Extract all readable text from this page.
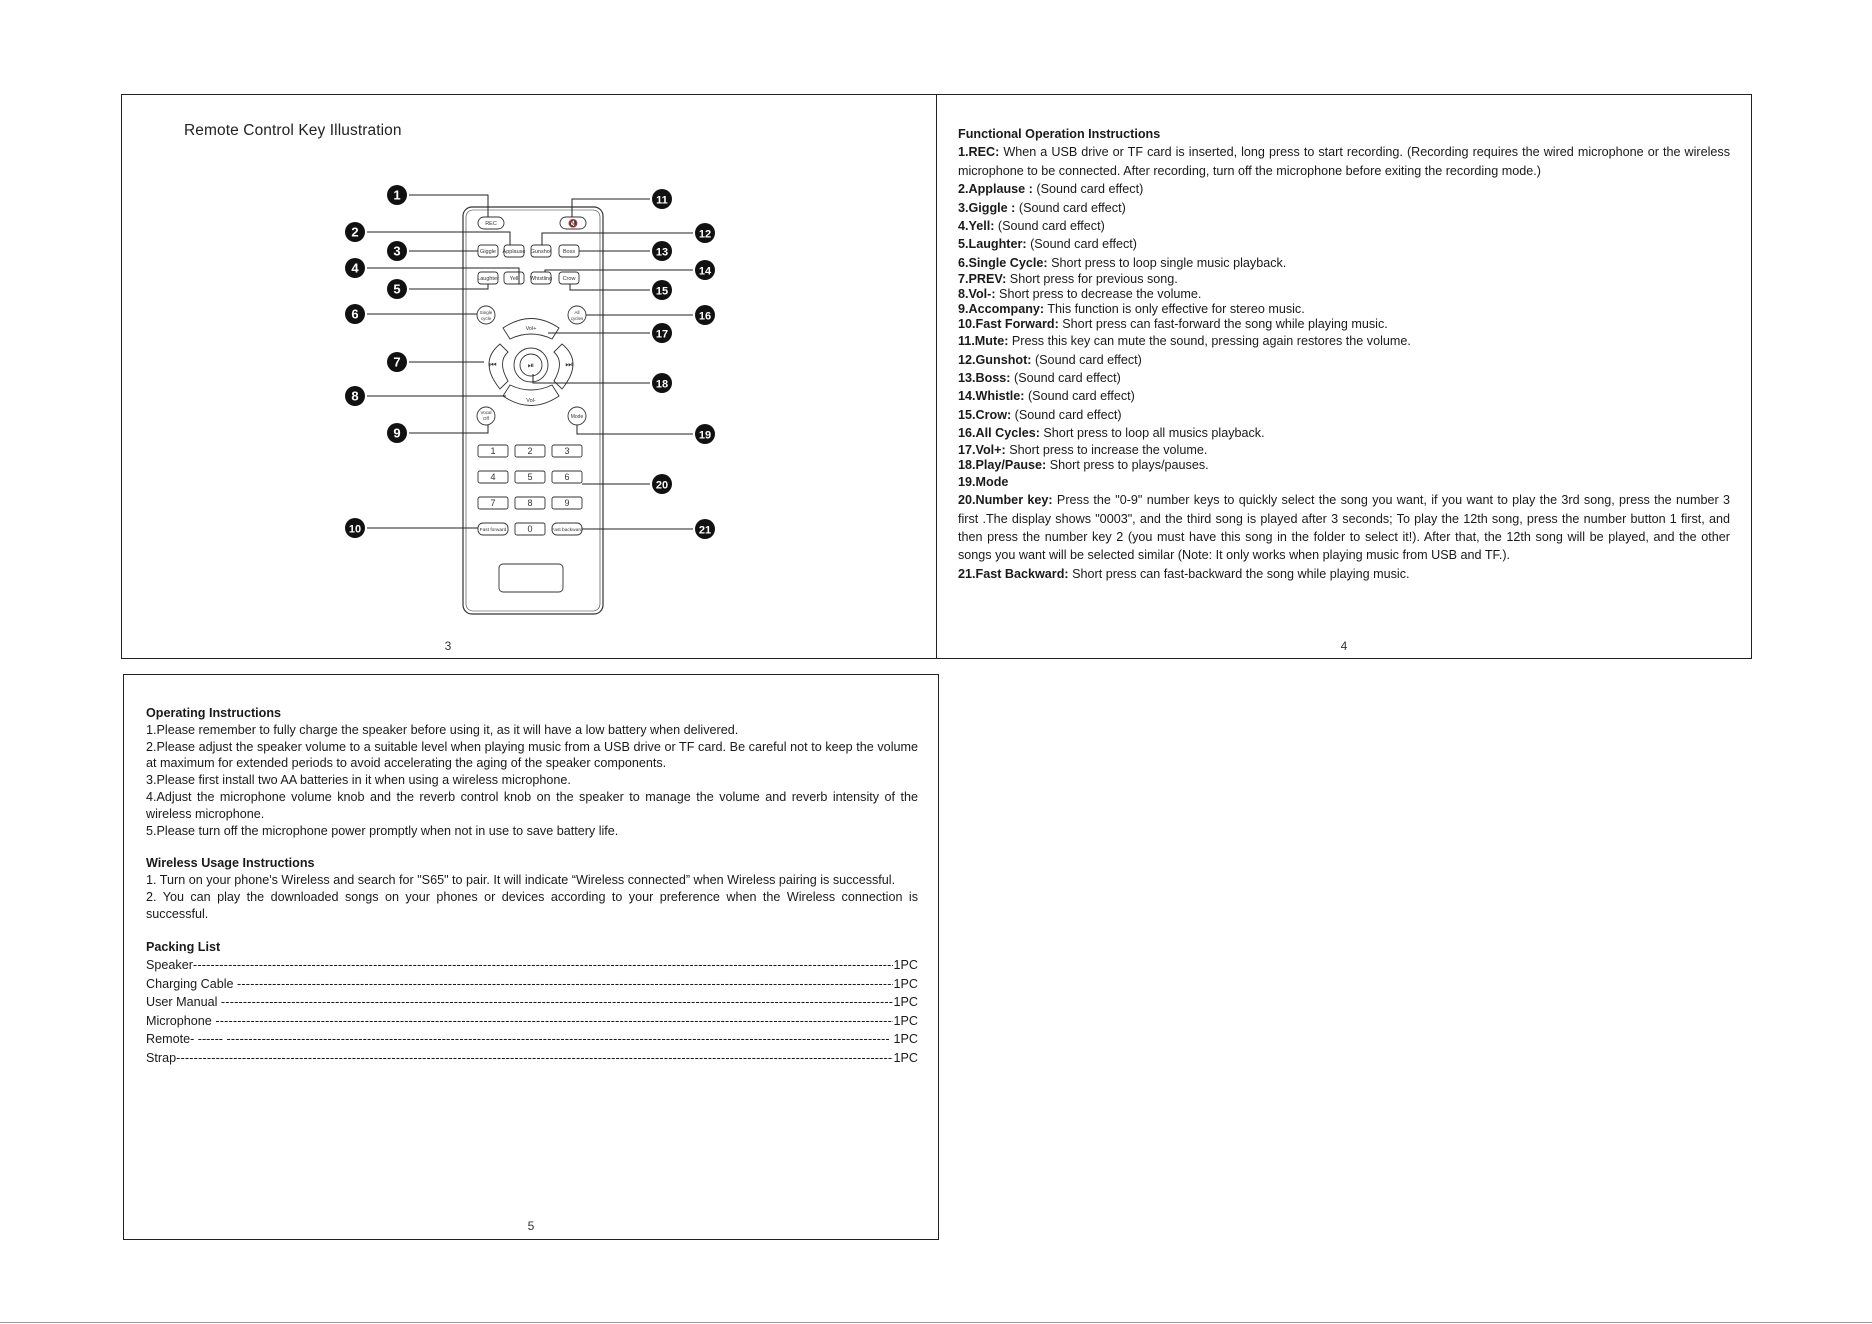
Remote Control Key Illustration
REC	🔇
Giggle Applause Gunshot Boss
Laughter Yell Whistling Crow
Single
cycle
All
cycles
Vol+
Vol-
⏮	⏭
⏯
Vocal
Off	Mode
1	2	3
4	5	6
7	8	9
Fast forward 0	Fast backward
1
2
3
4
5
6
7
8
9
10
11
12
13
14
15
16
17
18
19
20
21
3
Functional Operation Instructions
1.REC: When a USB drive or TF card is inserted, long press to start recording. (Recording requires the wired microphone or the wireless microphone to be connected. After recording, turn off the microphone before exiting the recording mode.)
2.Applause : (Sound card effect)
3.Giggle : (Sound card effect)
4.Yell: (Sound card effect)
5.Laughter: (Sound card effect)
6.Single Cycle: Short press to loop single music playback.
7.PREV: Short press for previous song.
8.Vol-: Short press to decrease the volume.
9.Accompany: This function is only effective for stereo music.
10.Fast Forward: Short press can fast-forward the song while playing music.
11.Mute: Press this key can mute the sound, pressing again restores the volume.
12.Gunshot: (Sound card effect)
13.Boss: (Sound card effect)
14.Whistle: (Sound card effect)
15.Crow: (Sound card effect)
16.All Cycles: Short press to loop all musics playback.
17.Vol+: Short press to increase the volume.
18.Play/Pause: Short press to plays/pauses.
19.Mode
20.Number key: Press the "0-9" number keys to quickly select the song you want, if you want to play the 3rd song, press the number 3 first .The display shows "0003", and the third song is played after 3 seconds; To play the 12th song, press the number button 1 first, and then press the number key 2 (you must have this song in the folder to select it!). After that, the 12th song will be played, and the other songs you want will be selected similar (Note: It only works when playing music from USB and TF.).
21.Fast Backward: Short press can fast-backward the song while playing music.
4
Operating Instructions
1.Please remember to fully charge the speaker before using it, as it will have a low battery when delivered.
2.Please adjust the speaker volume to a suitable level when playing music from a USB drive or TF card. Be careful not to keep the volume at maximum for extended periods to avoid accelerating the aging of the speaker components.
3.Please first install two AA batteries in it when using a wireless microphone.
4.Adjust the microphone volume knob and the reverb control knob on the speaker to manage the volume and reverb intensity of the wireless microphone.
5.Please turn off the microphone power promptly when not in use to save battery life.
Wireless Usage Instructions
1. Turn on your phone's Wireless and search for "S65" to pair. It will indicate “Wireless connected” when Wireless pairing is successful.
2. You can play the downloaded songs on your phones or devices according to your preference when the Wireless connection is successful.
Packing List
Speaker -----	1PC
Charging Cable -----	1PC
User Manual -----	1PC
Microphone -----	1PC
Remote- ------ -----	1PC
Strap -----	1PC
5
